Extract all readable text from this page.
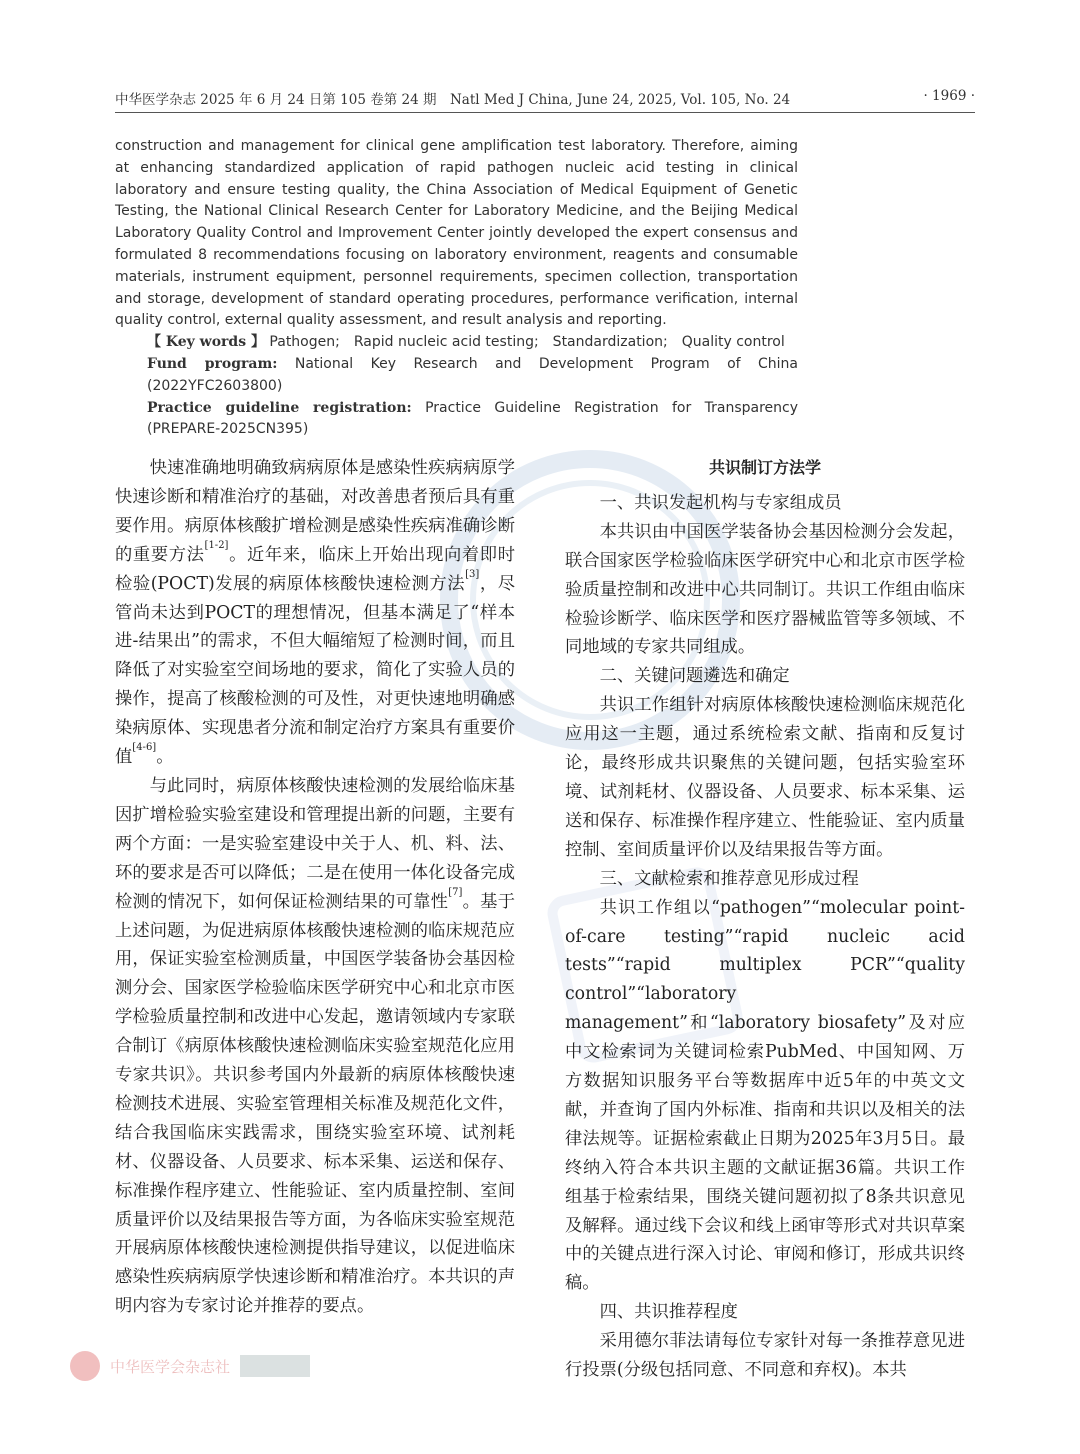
中华医学杂志 2025 年 6 月 24 日第 105 卷第 24 期　Natl Med J China, June 24, 2025, Vol. 105, No. 24	· 1969 ·

construction and management for clinical gene amplification test laboratory. Therefore, aiming at enhancing standardized application of rapid pathogen nucleic acid testing in clinical laboratory and ensure testing quality, the China Association of Medical Equipment of Genetic Testing, the National Clinical Research Center for Laboratory Medicine, and the Beijing Medical Laboratory Quality Control and Improvement Center jointly developed the expert consensus and formulated 8 recommendations focusing on laboratory environment, reagents and consumable materials, instrument equipment, personnel requirements, specimen collection, transportation and storage, development of standard operating procedures, performance verification, internal quality control, external quality assessment, and result analysis and reporting.

【 Key words 】 Pathogen;　Rapid nucleic acid testing;　Standardization;　Quality control

Fund program: National Key Research and Development Program of China (2022YFC2603800)

Practice guideline registration: Practice Guideline Registration for Transparency (PREPARE-2025CN395)

快速准确地明确致病病原体是感染性疾病病原学快速诊断和精准治疗的基础，对改善患者预后具有重要作用。病原体核酸扩增检测是感染性疾病准确诊断的重要方法[1-2]。近年来，临床上开始出现向着即时检验(POCT)发展的病原体核酸快速检测方法[3]，尽管尚未达到POCT的理想情况，但基本满足了“样本进-结果出”的需求，不但大幅缩短了检测时间，而且降低了对实验室空间场地的要求，简化了实验人员的操作，提高了核酸检测的可及性，对更快速地明确感染病原体、实现患者分流和制定治疗方案具有重要价值[4-6]。

与此同时，病原体核酸快速检测的发展给临床基因扩增检验实验室建设和管理提出新的问题，主要有两个方面：一是实验室建设中关于人、机、料、法、环的要求是否可以降低；二是在使用一体化设备完成检测的情况下，如何保证检测结果的可靠性[7]。基于上述问题，为促进病原体核酸快速检测的临床规范应用，保证实验室检测质量，中国医学装备协会基因检测分会、国家医学检验临床医学研究中心和北京市医学检验质量控制和改进中心发起，邀请领域内专家联合制订《病原体核酸快速检测临床实验室规范化应用专家共识》。共识参考国内外最新的病原体核酸快速检测技术进展、实验室管理相关标准及规范化文件，结合我国临床实践需求，围绕实验室环境、试剂耗材、仪器设备、人员要求、标本采集、运送和保存、标准操作程序建立、性能验证、室内质量控制、室间质量评价以及结果报告等方面，为各临床实验室规范开展病原体核酸快速检测提供指导建议，以促进临床感染性疾病病原学快速诊断和精准治疗。本共识的声明内容为专家讨论并推荐的要点。

共识制订方法学

一、共识发起机构与专家组成员

本共识由中国医学装备协会基因检测分会发起，联合国家医学检验临床医学研究中心和北京市医学检验质量控制和改进中心共同制订。共识工作组由临床检验诊断学、临床医学和医疗器械监管等多领域、不同地域的专家共同组成。

二、关键问题遴选和确定

共识工作组针对病原体核酸快速检测临床规范化应用这一主题，通过系统检索文献、指南和反复讨论，最终形成共识聚焦的关键问题，包括实验室环境、试剂耗材、仪器设备、人员要求、标本采集、运送和保存、标准操作程序建立、性能验证、室内质量控制、室间质量评价以及结果报告等方面。

三、文献检索和推荐意见形成过程

共识工作组以“pathogen”“molecular point-of-care testing”“rapid nucleic acid tests”“rapid multiplex PCR”“quality control”“laboratory management”和“laboratory biosafety”及对应中文检索词为关键词检索PubMed、中国知网、万方数据知识服务平台等数据库中近5年的中英文文献，并查询了国内外标准、指南和共识以及相关的法律法规等。证据检索截止日期为2025年3月5日。最终纳入符合本共识主题的文献证据36篇。共识工作组基于检索结果，围绕关键问题初拟了8条共识意见及解释。通过线下会议和线上函审等形式对共识草案中的关键点进行深入讨论、审阅和修订，形成共识终稿。

四、共识推荐程度

采用德尔菲法请每位专家针对每一条推荐意见进行投票(分级包括同意、不同意和弃权)。本共

中华医学会杂志社
